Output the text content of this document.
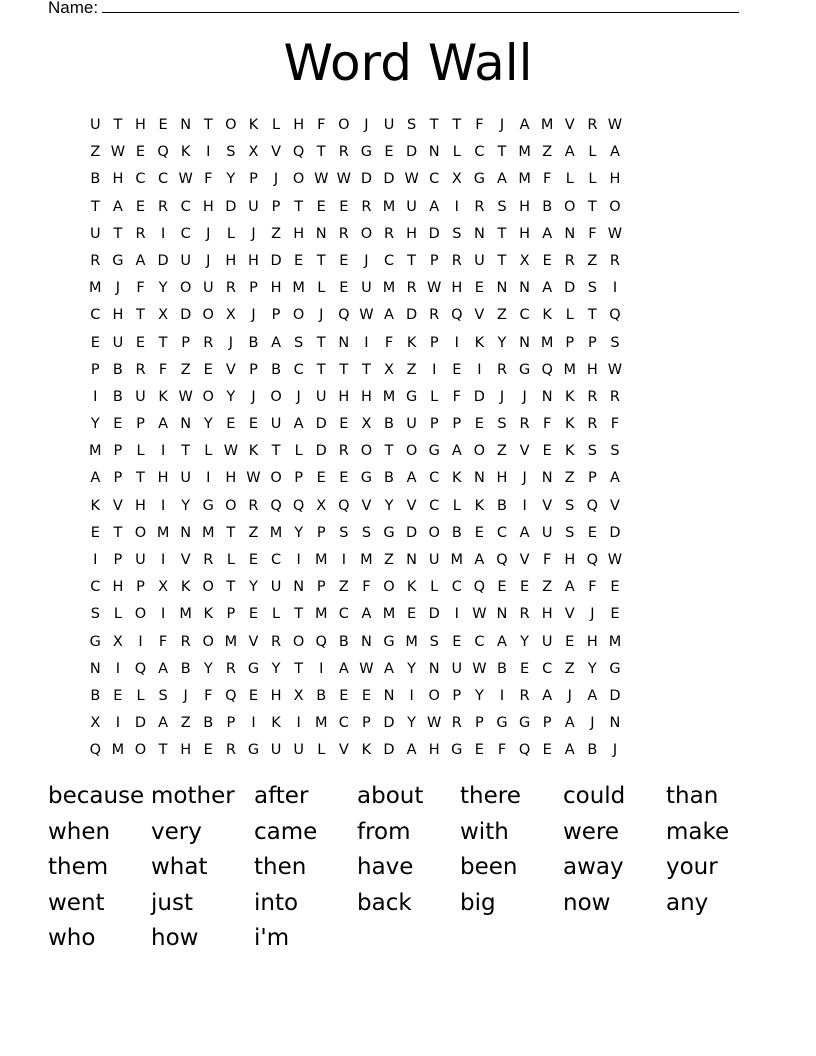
Name:
Word Wall
U T H E N T O K L H F O	J	U S T T F	J	A M V R W
Z W E Q K	I	S X V Q T R G E D N L C T M Z A L A
B H C C W F Y P	J	O W W D D W C X G A M F L	L H
T A E R C H D U P T E E R M U A	I	R S H B O T O
U T R	I	C	J	L	J	Z H N R O R H D S N T H A N F W
R G A D U	J	H H D E T E	J	C T P R U T X E R Z R
M J	F Y O U R P H M L E U M R W H E N N A D S	I
C H T X D O X	J	P O	J	Q W A D R Q V Z C K L T Q
E U E T P R	J	B A S T N	I	F K P	I	K Y N M P P S
P B R F Z E V P B C T T T X Z	I	E	I	R G Q M H W
I	B U K W O Y	J	O	J	U H H M G L F D	J	J	N K R R
Y E P A N Y E E U A D E X B U P P E S R F K R F
M P L	I	T L W K T L D R O T O G A O Z V E K S S
A P T H U	I	H W O P E E G B A C K N H	J	N Z P A
K V H	I	Y G O R Q Q X Q V Y V C L K B	I	V S Q V
E T O M N M T Z M Y P S S G D O B E C A U S E D
I	P U	I	V R L E C	I M I M Z N U M A Q V F H Q W
C H P X K O T Y U N P Z F O K L C Q E E Z A F E
S L O	I M K P E L T M C A M E D	I W N R H V	J	E
G X	I	F R O M V R O Q B N G M S E C A Y U E H M
N	I	Q A B Y R G Y T	I	A W A Y N U W B E C Z Y G
B E L S	J	F Q E H X B E E N	I	O P Y	I	R A	J	A D
X	I	D A Z B P	I	K	I M C P D Y W R P G G P A	J	N
Q M O T H E R G U U L V K D A H G E F Q E A B	J
because mother after	about	there	could	than
when	very	came	from	with	were	make
them	what	then	have	been	away	your
went	just	into	back	big	now	any
who	how	i'm
